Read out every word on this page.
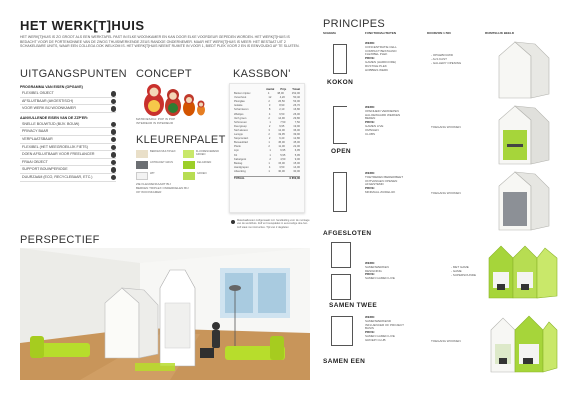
HET WERK[T]HUIS
HET WERK[T]HUIS IS ZO GROOT ALS EEN WERKTAFEL PAST IN ELKE WOONKAMER EN KAN DOOR ELKE VOORDEUR GEPEDEN WORDEN. HET WERK[T]HUIS IS BEDACHT VOOR DE PORTEMONNEE VAN DE ZWOG THUISWERKENDE ZEUS RANDGE ONDERNEMER. MAAR HET WERK[T]HUIS IS MEER: HET BESTAAT UIT 2 SCHAKELBARE UNITS, WAAR EEN COLLEGA OOK WELKOM IS. HET WERK[T]HUIS NEEMT RUIMTE IN VOOR 1, BIEDT PLEK VOOR 2 EN IS EENVOUDIG AF TE SLUITEN.
UITGANGSPUNTEN
PROGRAMMA VAN EISEN (OPGAVE)
FLEXIBEL OBJECT
AFSLUITBAAR (AKOESTISCH)
VOOR WERK BIJ WOONKAMER
AANVULLENDE EISEN VAN DE ZZP'ER:
SNELLE BOUWTIJD (BIJV. BOUW)
PRIVACY BAAR
VERPLAATSBAAR
FLEXIBEL (HET MEEGROEILIJK FIETS)
DOEN AFSLUITBAAR VOOR FREELANCER
FRAAI OBJECT
SUPPORT BOUWPERIODE
DUURZAAM (ECO, RECYCLEBAAR, ETC.)
CONCEPT
MATROESJKA: POP IN POP
INTERIEUR IN INTERIEUR
KLEURENPALET
BERKEN MULTIPLEX	FLUORESCEREND GROEN
ANTRACIET GRIJS	FELGROEN
WIT	GROEN
ZIE KLEURENKAART BIJ
BERKEN TRIPLEX ONDERDELEN BIJ
OP WOONKAMER
KASSBON'
Aantal Prijs Totaal
Berken triplex	4	38,00	152,00
Vurenhout	12	4,20	50,40
Plexiglas	2	26,50	53,00
Isolatie	3	8,90	26,70
Scharnieren	8	2,10	16,80
Wieltjes	4	6,50	26,00
Verf groen	2	14,90	29,80
Schroeven	1	7,50	7,50
Deurgreep	2	9,95	19,90
Stof akoest.	3	12,00	36,00
Lampje	2	19,95	39,90
Stopcontact	2	6,40	12,80
Bureaublad	1	45,00	45,00
Plank	2	11,00	22,00
Lijm	1	6,95	6,95
Kit	1	5,95	5,95
Kabelgoot	2	4,50	9,00
Beslag	1	15,00	15,00
Handgrepen	4	3,50	14,00
Afwerking	1	30,00	30,00
TOTAAL	€ 650,00
Materiaalkosten zelfgemaakt incl. handleiding voor de montage van de werkthuis. Zelf en bouwpakket in eenvoudige doe-het-zelf staat met instructies. Tijd van 2 dagdelen
PERSPECTIEF
PRINCIPES
SCHEMA	FUNCTIONALITEITEN	DOORZON 1:500	RUIMTELIJK BEELD
KOKON
WERK:
CONCENTRATIE CELL
COMPACT BESTAAND
FLEXIBEL PLEK
PRIVE:
GAMEN (HARDCORE)
RUSTIGE PLEK
HOBBIES WERK
- OPGEBOUWD
- ALS KAST
- GALLERY OPENING
OPEN
WERK:
OPENHEID VERDIEPEN
HALOEWAARD WERKEN
BEDEN
PRIVE:
GAMEN LIVE
OMNILEN
CLUBS
TOEGANG WOONEN
AFGESLOTEN
WERK:
TOETREDEN BEREIKBEET
ONTVANGEN OPENEN
AFGESTEMD
PRIVE:
MINIMAAL ZUIDELIJK	TOEGANG WOONEN
SAMEN TWEE
WERK:
SAMENWERKEN
DESIGNING
PRIVE:
SAMEN GAMEN LIVE
- MET GAME
- GAME
- SUPERSOUNDE
SAMEN EEN
WERK:
SAMENWERKEND
INFLUENCER OF PROJECT
BASIS
PRIVE:
SAMEN GAMEN LIVE
GROEP/ CLUB	TOEGANG WOONEN
